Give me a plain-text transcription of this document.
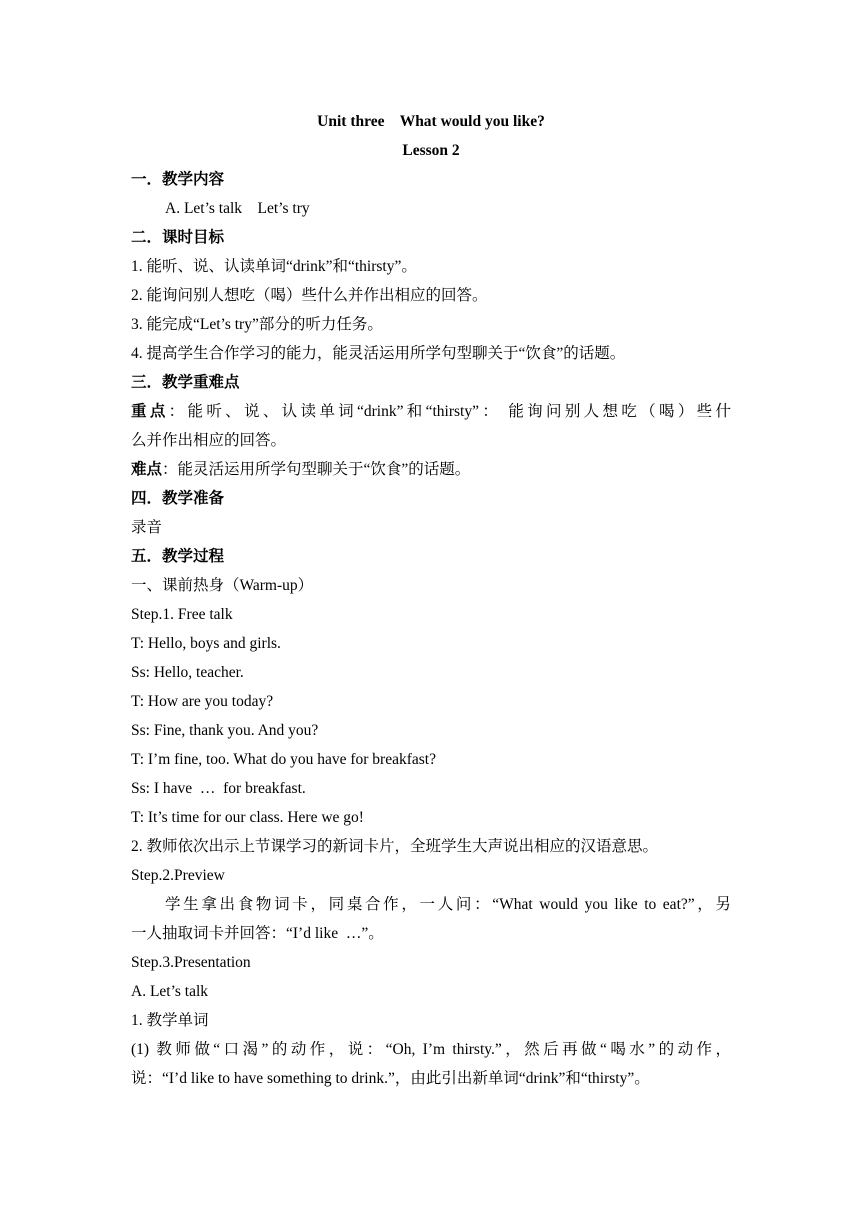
Unit three    What would you like?
Lesson 2
一．教学内容
A. Let’s talk    Let’s try
二．课时目标
1. 能听、说、认读单词“drink”和“thirsty”。
2. 能询问别人想吃（喝）些什么并作出相应的回答。
3. 能完成“Let’s try”部分的听力任务。
4. 提高学生合作学习的能力，能灵活运用所学句型聊关于“饮食”的话题。
三．教学重难点
重点：能听、说、认读单词“drink”和“thirsty”： 能询问别人想吃（喝）些什
么并作出相应的回答。
难点：能灵活运用所学句型聊关于“饮食”的话题。
四．教学准备
录音
五．教学过程
一、课前热身（Warm-up）
Step.1. Free talk
T: Hello, boys and girls.
Ss: Hello, teacher.
T: How are you today?
Ss: Fine, thank you. And you?
T: I’m fine, too. What do you have for breakfast?
Ss: I have  …  for breakfast.
T: It’s time for our class. Here we go!
2. 教师依次出示上节课学习的新词卡片，全班学生大声说出相应的汉语意思。
Step.2.Preview
学生拿出食物词卡，同桌合作，一人问：“What would you like to eat?”，另
一人抽取词卡并回答：“I’d like  …”。
Step.3.Presentation
A. Let’s talk
1. 教学单词
(1) 教师做“口渴”的动作，说：“Oh, I’m thirsty.”，然后再做“喝水”的动作，
说：“I’d like to have something to drink.”，由此引出新单词“drink”和“thirsty”。
